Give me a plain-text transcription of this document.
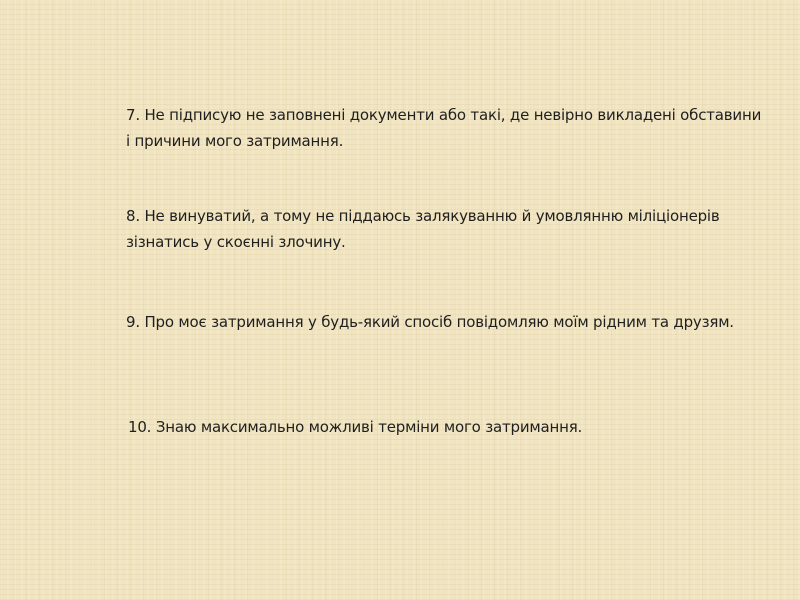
7. Не підписую не заповнені документи або такі, де невірно викладені обставини і причини мого затримання.

8. Не винуватий, а тому не піддаюсь залякуванню й умовлянню міліціонерів зізнатись у скоєнні злочину.

9. Про моє затримання у будь-який спосіб повідомляю моїм рідним та друзям.

10. Знаю максимально можливі терміни мого затримання.
